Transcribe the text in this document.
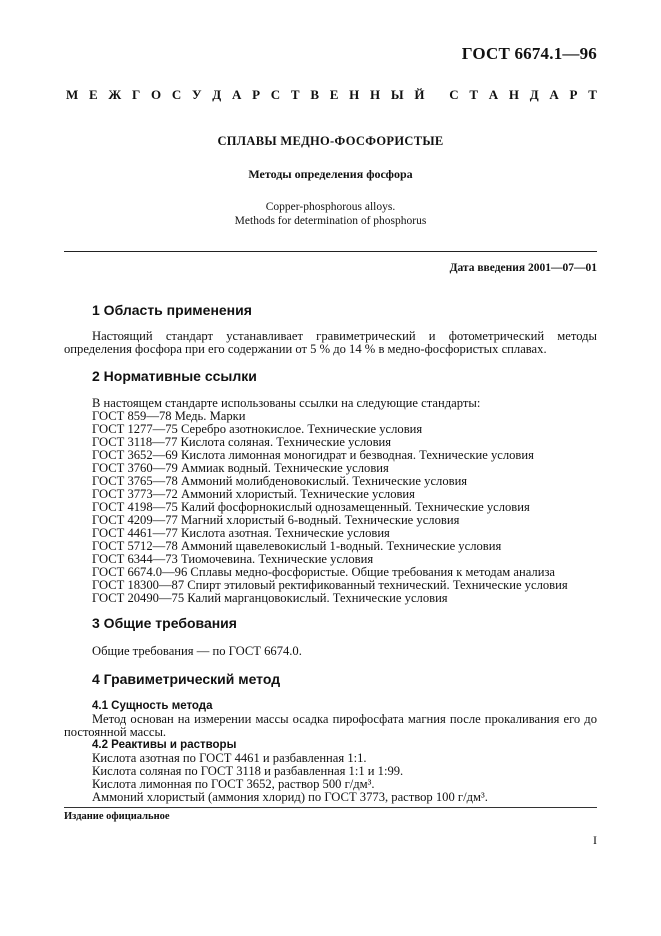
ГОСТ 6674.1—96
М Е Ж Г О С У Д А Р С Т В Е Н Н Ы Й
С Т А Н Д А Р Т
СПЛАВЫ МЕДНО-ФОСФОРИСТЫЕ
Методы определения фосфора
Copper-phosphorous alloys.
Methods for determination of phosphorus
Дата введения 2001—07—01
1 Область применения
Настоящий стандарт устанавливает гравиметрический и фотометрический методы определения фосфора при его содержании от 5 % до 14 % в медно-фосфористых сплавах.
2 Нормативные ссылки
В настоящем стандарте использованы ссылки на следующие стандарты:
ГОСТ 859—78 Медь. Марки
ГОСТ 1277—75 Серебро азотнокислое. Технические условия
ГОСТ 3118—77 Кислота соляная. Технические условия
ГОСТ 3652—69 Кислота лимонная моногидрат и безводная. Технические условия
ГОСТ 3760—79 Аммиак водный. Технические условия
ГОСТ 3765—78 Аммоний молибденовокислый. Технические условия
ГОСТ 3773—72 Аммоний хлористый. Технические условия
ГОСТ 4198—75 Калий фосфорнокислый однозамещенный. Технические условия
ГОСТ 4209—77 Магний хлористый 6-водный. Технические условия
ГОСТ 4461—77 Кислота азотная. Технические условия
ГОСТ 5712—78 Аммоний щавелевокислый 1-водный. Технические условия
ГОСТ 6344—73 Тиомочевина. Технические условия
ГОСТ 6674.0—96 Сплавы медно-фосфористые. Общие требования к методам анализа
ГОСТ 18300—87 Спирт этиловый ректификованный технический. Технические условия
ГОСТ 20490—75 Калий марганцовокислый. Технические условия
3 Общие требования
Общие требования — по ГОСТ 6674.0.
4 Гравиметрический метод
4.1 Сущность метода
Метод основан на измерении массы осадка пирофосфата магния после прокаливания его до постоянной массы.
4.2 Реактивы и растворы
Кислота азотная по ГОСТ 4461 и разбавленная 1:1.
Кислота соляная по ГОСТ 3118 и разбавленная 1:1 и 1:99.
Кислота лимонная по ГОСТ 3652, раствор 500 г/дм³.
Аммоний хлористый (аммония хлорид) по ГОСТ 3773, раствор 100 г/дм³.
Издание официальное
I
